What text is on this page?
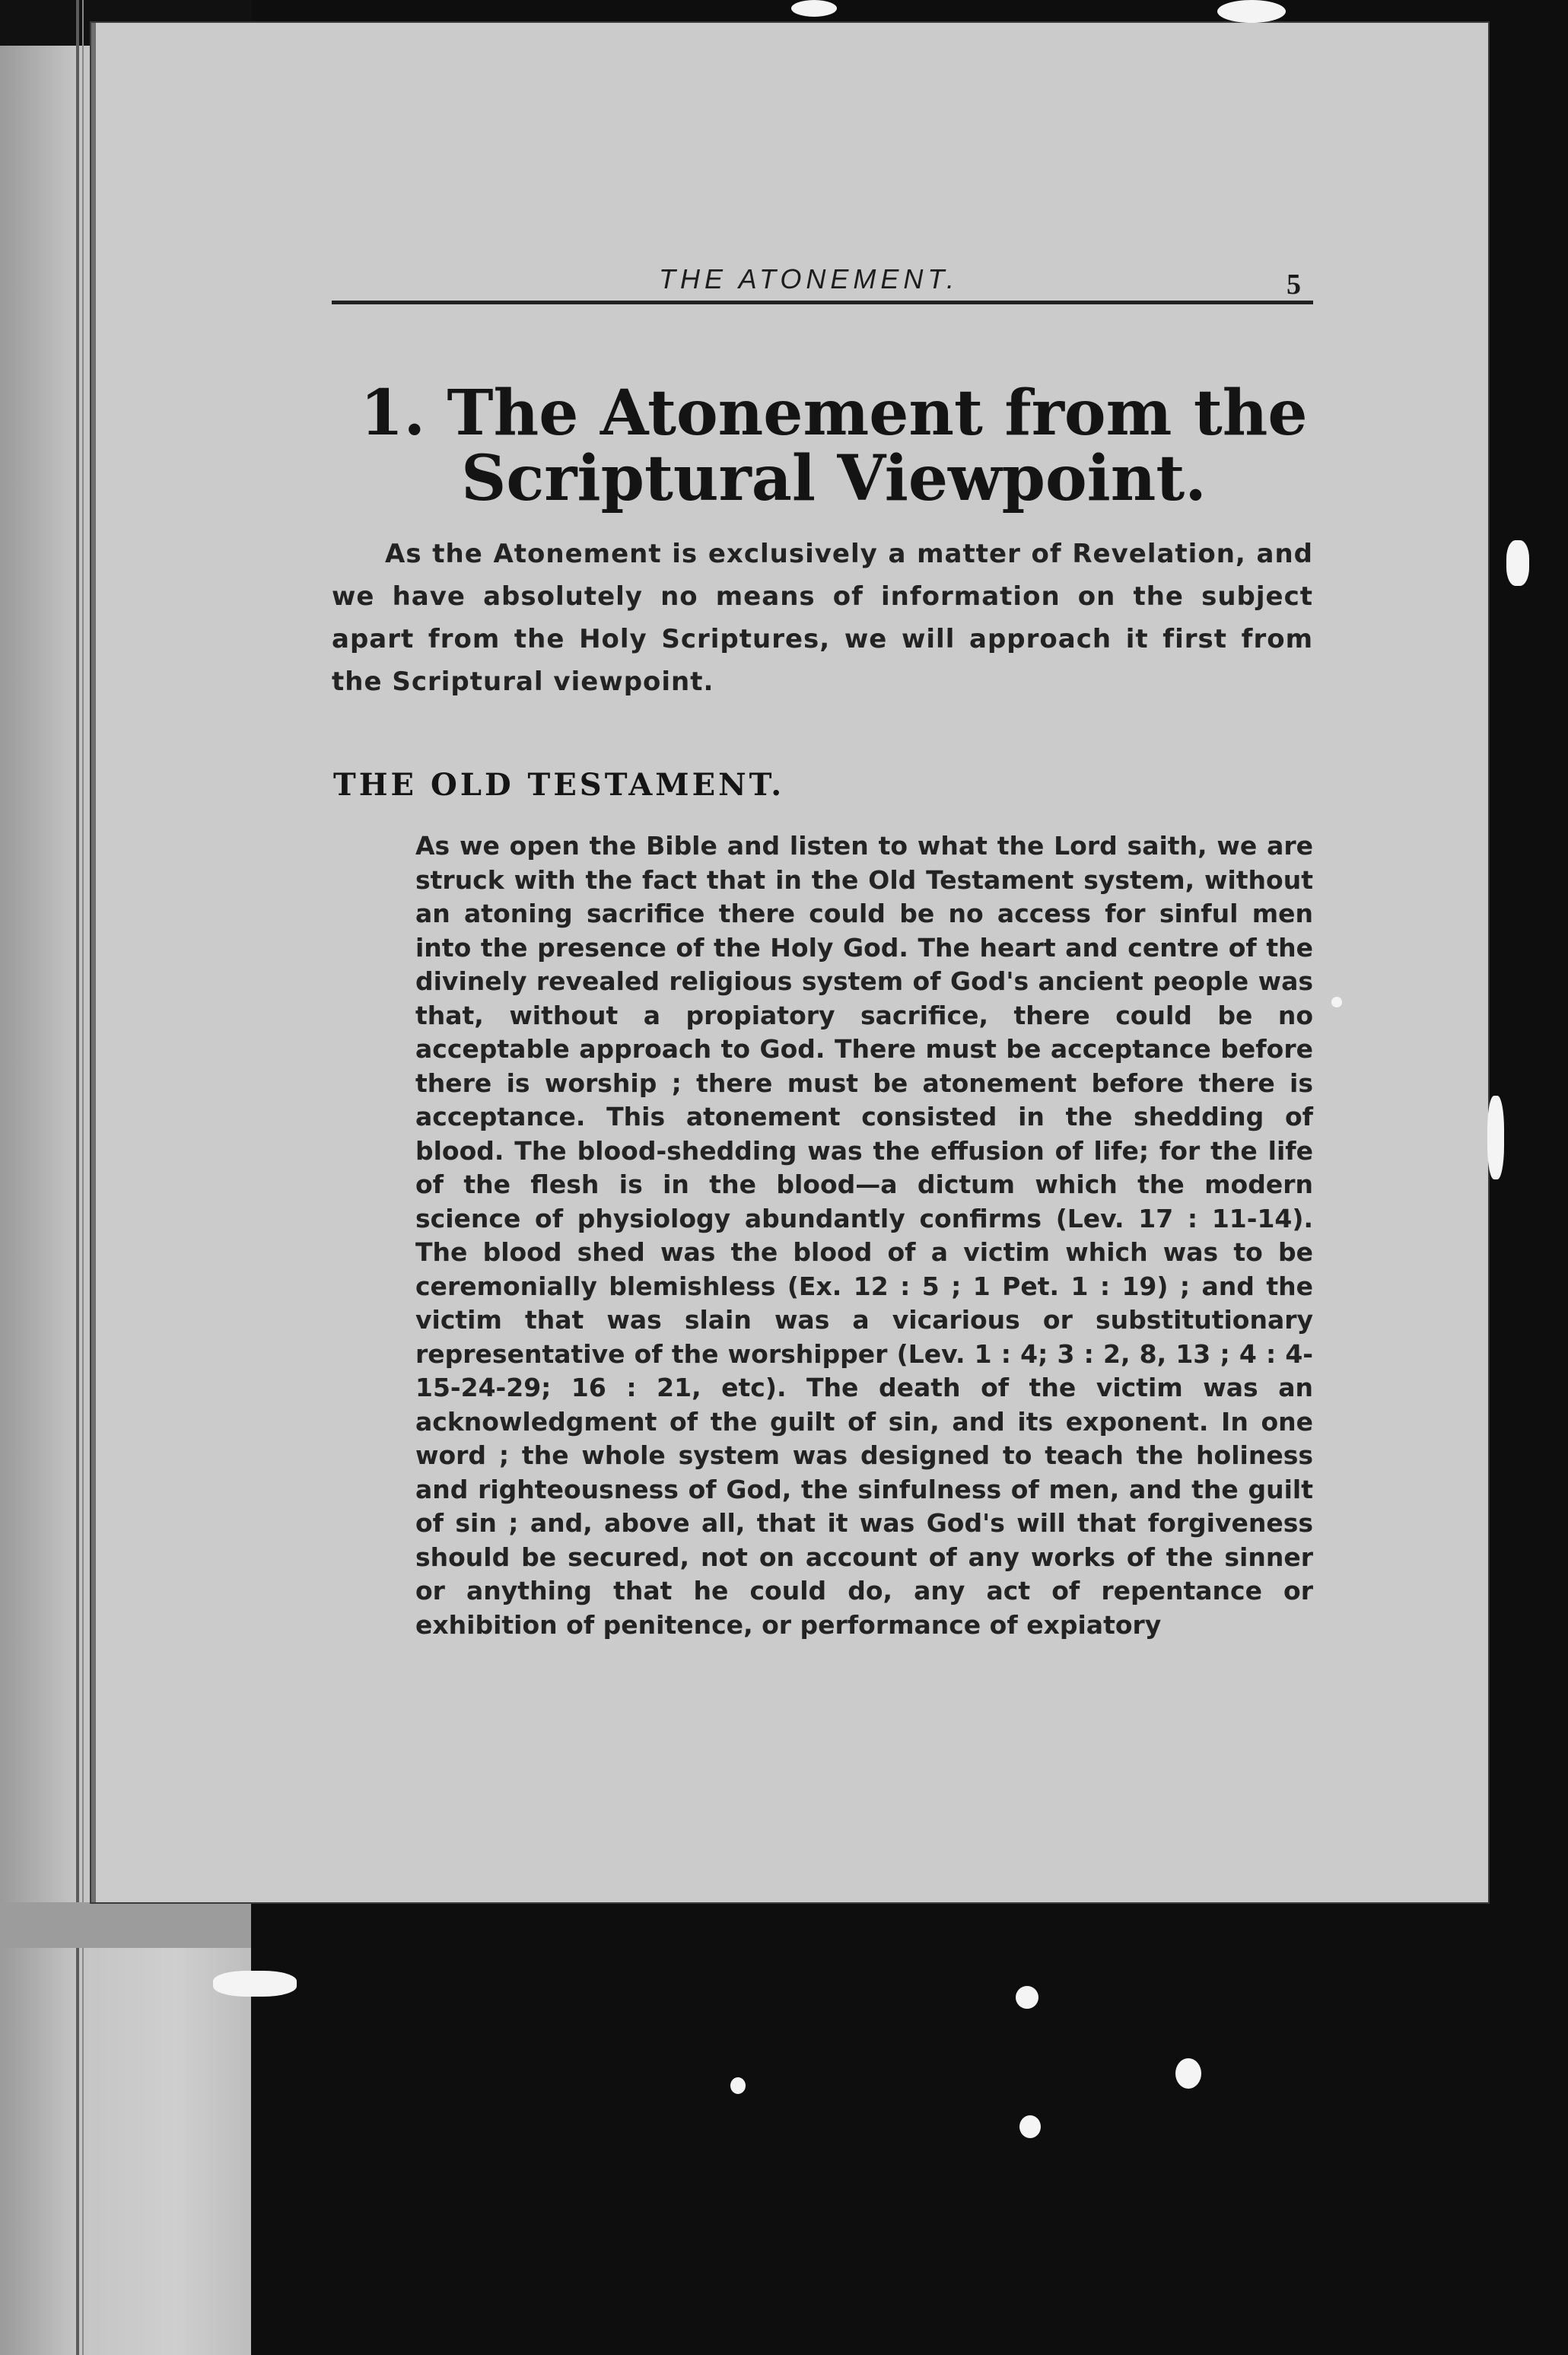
THE ATONEMENT.	5
1. The Atonement from the Scriptural Viewpoint.

As the Atonement is exclusively a matter of Revelation, and we have absolutely no means of information on the subject apart from the Holy Scriptures, we will approach it first from the Scriptural viewpoint.

THE OLD TESTAMENT.

As we open the Bible and listen to what the Lord saith, we are struck with the fact that in the Old Testament system, without an atoning sacrifice there could be no access for sinful men into the presence of the Holy God. The heart and centre of the divinely revealed religious system of God's ancient people was that, without a propiatory sacrifice, there could be no acceptable approach to God. There must be acceptance before there is worship ; there must be atonement before there is acceptance. This atonement consisted in the shedding of blood. The blood-shedding was the effusion of life; for the life of the flesh is in the blood—a dictum which the modern science of physiology abundantly confirms (Lev. 17 : 11-14). The blood shed was the blood of a victim which was to be ceremonially blemishless (Ex. 12 : 5 ; 1 Pet. 1 : 19) ; and the victim that was slain was a vicarious or substitutionary representative of the worshipper (Lev. 1 : 4; 3 : 2, 8, 13 ; 4 : 4-15-24-29; 16 : 21, etc). The death of the victim was an acknowledgment of the guilt of sin, and its exponent. In one word ; the whole system was designed to teach the holiness and righteousness of God, the sinfulness of men, and the guilt of sin ; and, above all, that it was God's will that forgiveness should be secured, not on account of any works of the sinner or anything that he could do, any act of repentance or exhibition of penitence, or performance of expiatory
